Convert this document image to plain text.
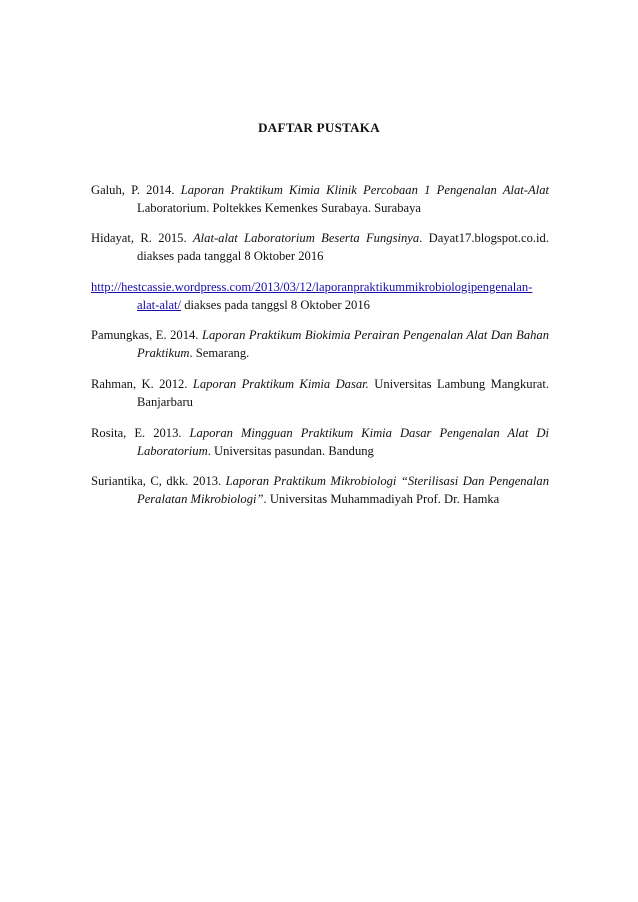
DAFTAR PUSTAKA

Galuh, P. 2014. Laporan Praktikum Kimia Klinik Percobaan 1 Pengenalan Alat-Alat Laboratorium. Poltekkes Kemenkes Surabaya. Surabaya

Hidayat, R. 2015. Alat-alat Laboratorium Beserta Fungsinya. Dayat17.blogspot.co.id. diakses pada tanggal 8 Oktober 2016

http://hestcassie.wordpress.com/2013/03/12/laporanpraktikummikrobiologipengenalan-alat-alat/ diakses pada tanggsl 8 Oktober 2016

Pamungkas, E. 2014. Laporan Praktikum Biokimia Perairan Pengenalan Alat Dan Bahan Praktikum. Semarang.

Rahman, K. 2012. Laporan Praktikum Kimia Dasar. Universitas Lambung Mangkurat. Banjarbaru

Rosita, E. 2013. Laporan Mingguan Praktikum Kimia Dasar Pengenalan Alat Di Laboratorium. Universitas pasundan. Bandung

Suriantika, C, dkk. 2013. Laporan Praktikum Mikrobiologi “Sterilisasi Dan Pengenalan Peralatan Mikrobiologi”. Universitas Muhammadiyah Prof. Dr. Hamka
